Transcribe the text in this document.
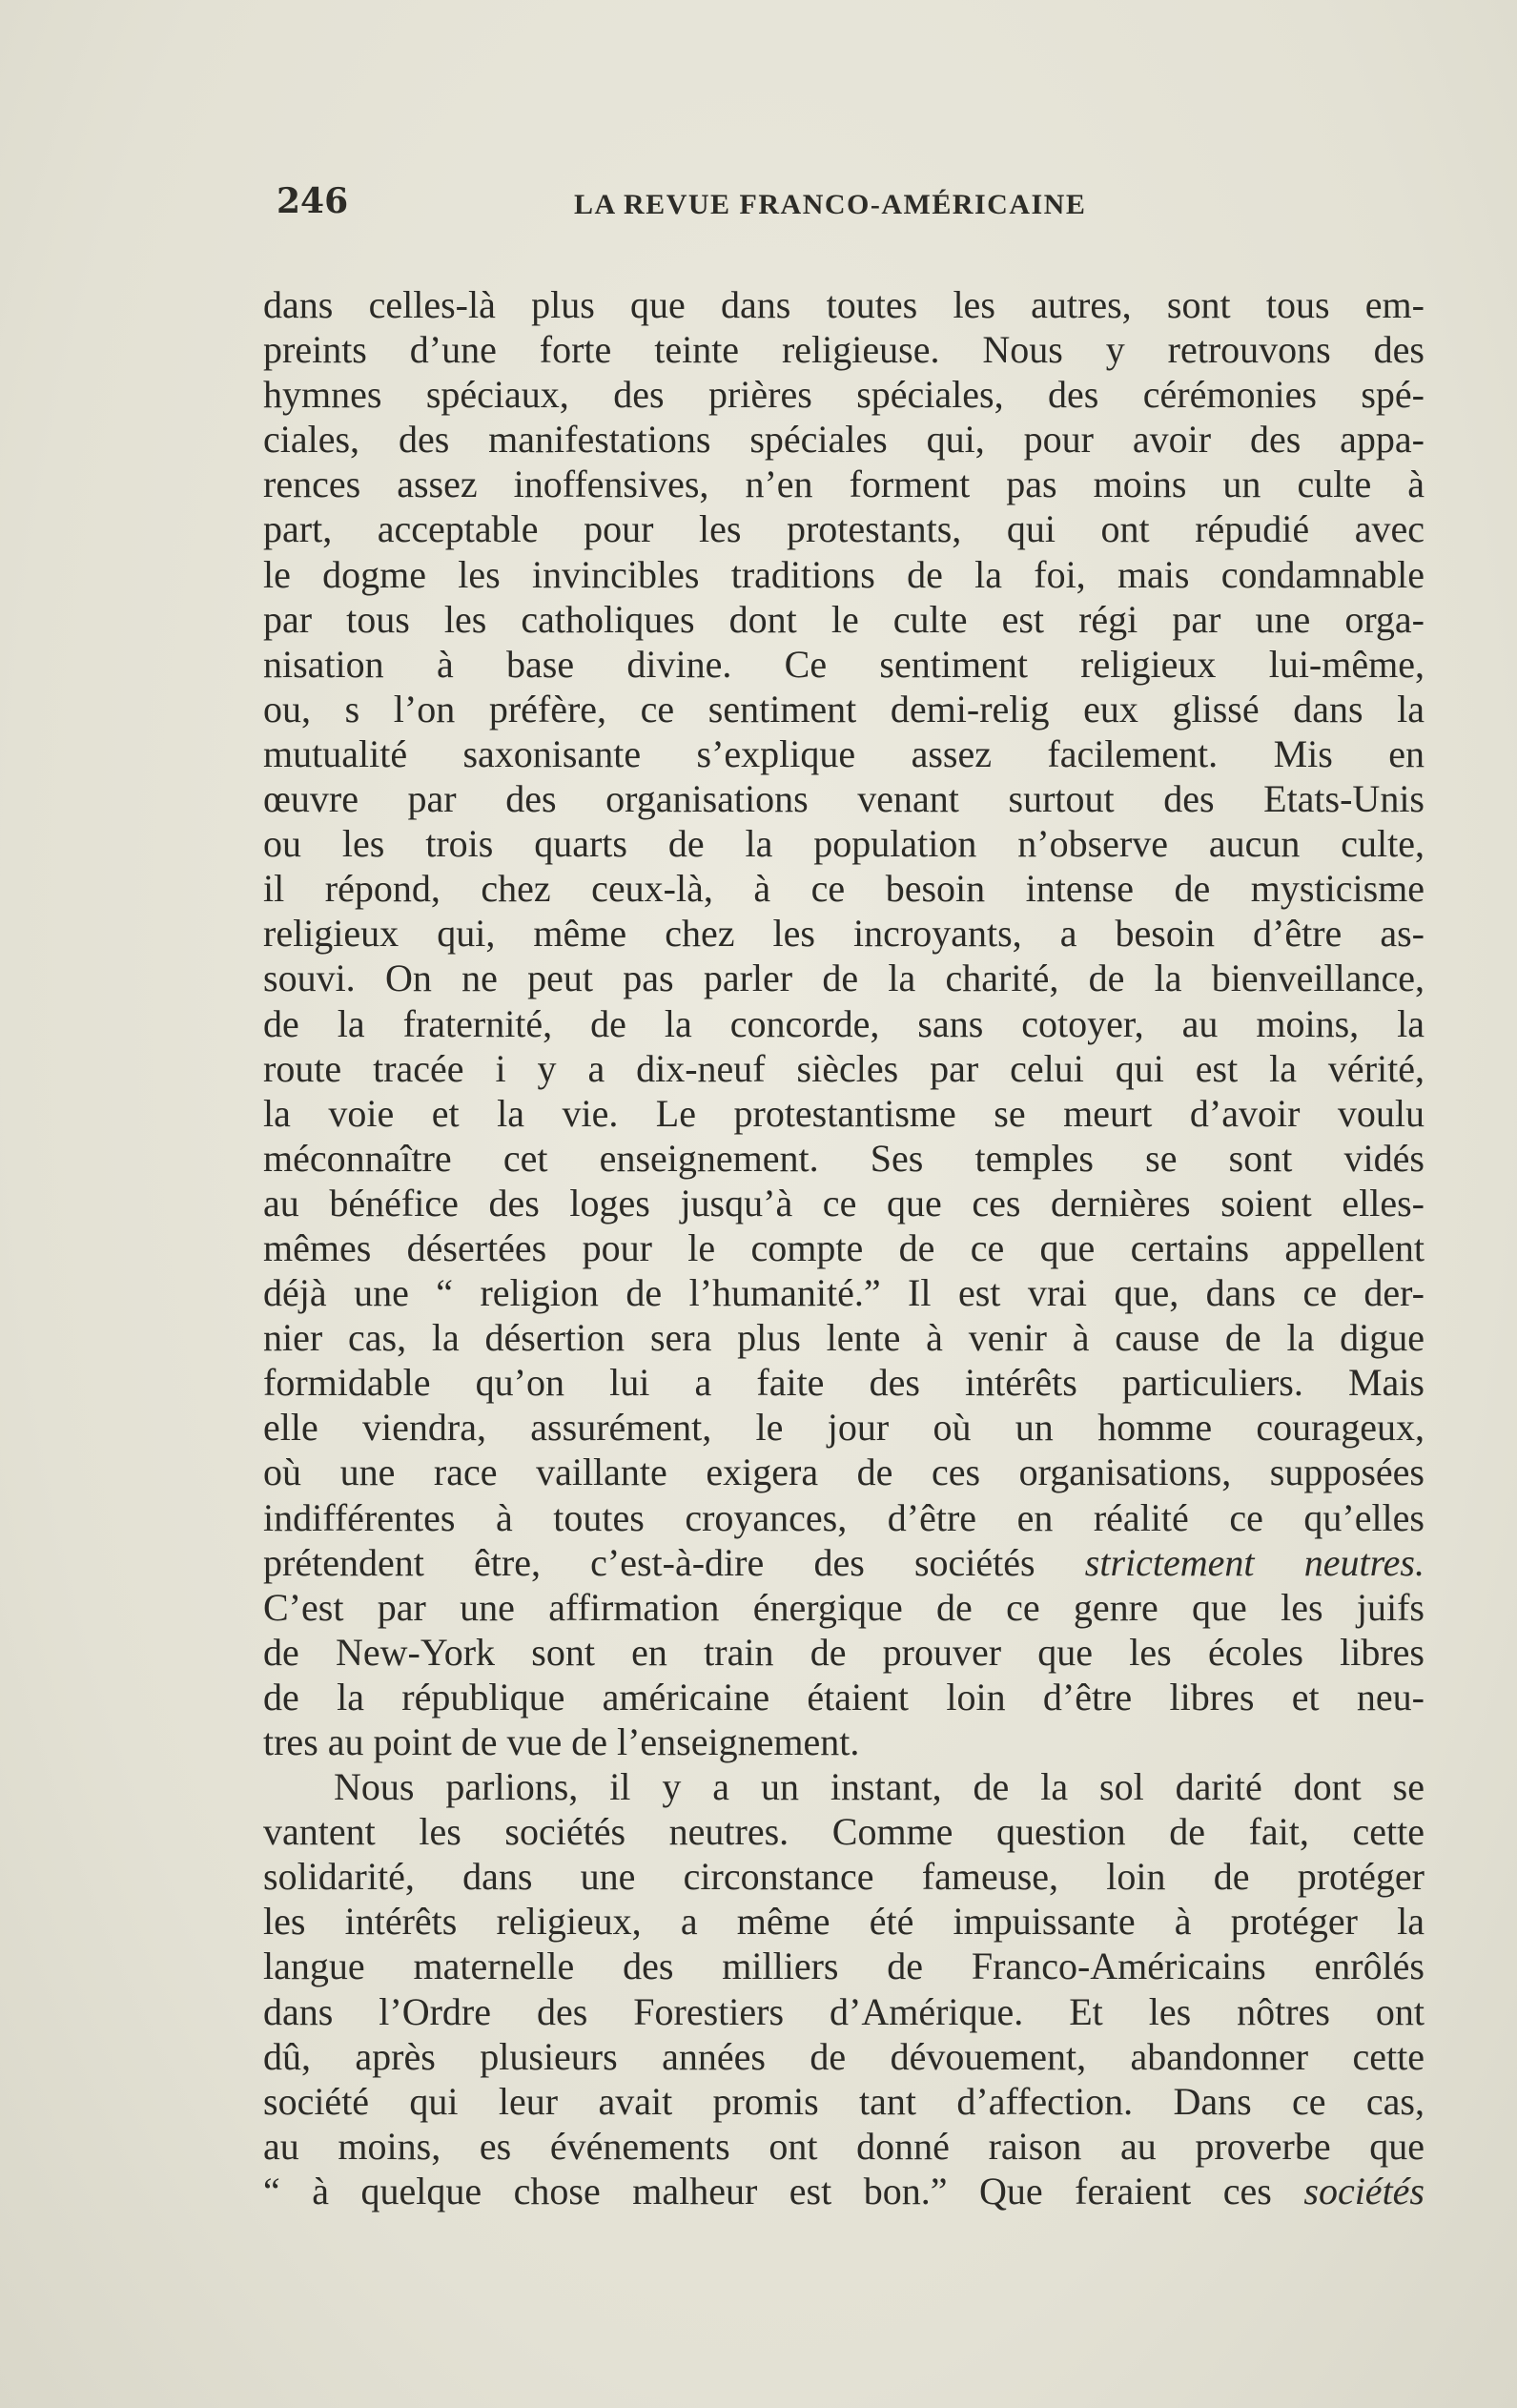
246	LA REVUE FRANCO-AMÉRICAINE
dans celles-là plus que dans toutes les autres, sont tous em-
preints d’une forte teinte religieuse. Nous y retrouvons des
hymnes spéciaux, des prières spéciales, des cérémonies spé-
ciales, des manifestations spéciales qui, pour avoir des appa-
rences assez inoffensives, n’en forment pas moins un culte à
part, acceptable pour les protestants, qui ont répudié avec
le dogme les invincibles traditions de la foi, mais condamnable
par tous les catholiques dont le culte est régi par une orga-
nisation à base divine. Ce sentiment religieux lui-même,
ou, s l’on préfère, ce sentiment demi-relig eux glissé dans la
mutualité saxonisante s’explique assez facilement. Mis en
œuvre par des organisations venant surtout des Etats-Unis
ou les trois quarts de la population n’observe aucun culte,
il répond, chez ceux-là, à ce besoin intense de mysticisme
religieux qui, même chez les incroyants, a besoin d’être as-
souvi. On ne peut pas parler de la charité, de la bienveillance,
de la fraternité, de la concorde, sans cotoyer, au moins, la
route tracée i y a dix-neuf siècles par celui qui est la vérité,
la voie et la vie. Le protestantisme se meurt d’avoir voulu
méconnaître cet enseignement. Ses temples se sont vidés
au bénéfice des loges jusqu’à ce que ces dernières soient elles-
mêmes désertées pour le compte de ce que certains appellent
déjà une “ religion de l’humanité.” Il est vrai que, dans ce der-
nier cas, la désertion sera plus lente à venir à cause de la digue
formidable qu’on lui a faite des intérêts particuliers. Mais
elle viendra, assurément, le jour où un homme courageux,
où une race vaillante exigera de ces organisations, supposées
indifférentes à toutes croyances, d’être en réalité ce qu’elles
prétendent être, c’est-à-dire des sociétés strictement neutres.
C’est par une affirmation énergique de ce genre que les juifs
de New-York sont en train de prouver que les écoles libres
de la république américaine étaient loin d’être libres et neu-
tres au point de vue de l’enseignement.
Nous parlions, il y a un instant, de la sol darité dont se
vantent les sociétés neutres. Comme question de fait, cette
solidarité, dans une circonstance fameuse, loin de protéger
les intérêts religieux, a même été impuissante à protéger la
langue maternelle des milliers de Franco-Américains enrôlés
dans l’Ordre des Forestiers d’Amérique. Et les nôtres ont
dû, après plusieurs années de dévouement, abandonner cette
société qui leur avait promis tant d’affection. Dans ce cas,
au moins, es événements ont donné raison au proverbe que
“ à quelque chose malheur est bon.” Que feraient ces sociétés
